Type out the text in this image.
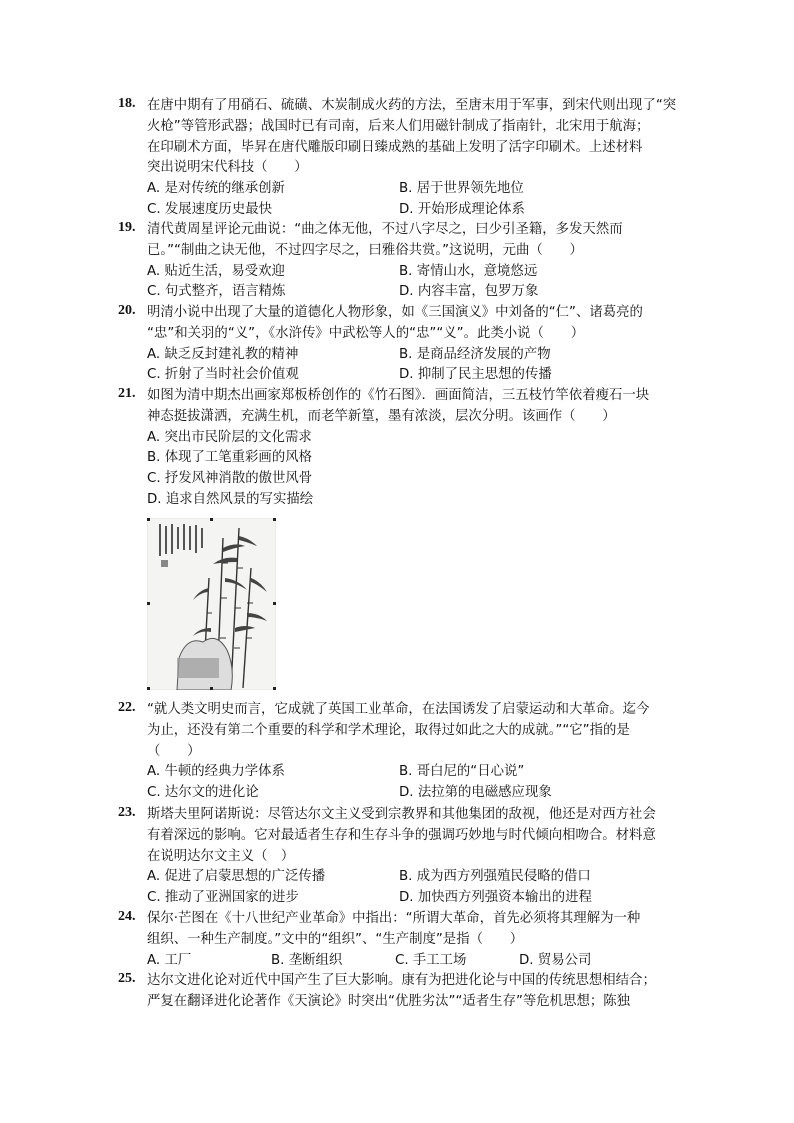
18. 在唐中期有了用硝石、硫磺、木炭制成火药的方法，至唐末用于军事，到宋代则出现了“突
火枪”等管形武器；战国时已有司南，后来人们用磁针制成了指南针，北宋用于航海；
在印刷术方面，毕昇在唐代雕版印刷日臻成熟的基础上发明了活字印刷术。上述材料
突出说明宋代科技（　　）
A. 是对传统的继承创新	B. 居于世界领先地位
C. 发展速度历史最快	D. 开始形成理论体系
19. 清代黄周星评论元曲说：“曲之体无他，不过八字尽之，曰少引圣籍，多发天然而
已。”“制曲之诀无他，不过四字尽之，曰雅俗共赏。”这说明，元曲（　　）
A. 贴近生活，易受欢迎	B. 寄情山水，意境悠远
C. 句式整齐，语言精炼	D. 内容丰富，包罗万象
20. 明清小说中出现了大量的道德化人物形象，如《三国演义》中刘备的“仁”、诸葛亮的
“忠”和关羽的“义”，《水浒传》中武松等人的“忠”“义”。此类小说（　　）
A. 缺乏反封建礼教的精神	B. 是商品经济发展的产物
C. 折射了当时社会价值观	D. 抑制了民主思想的传播
21. 如图为清中期杰出画家郑板桥创作的《竹石图》．画面简洁，三五枝竹竿依着瘦石一块
神态挺拔潇洒，充满生机，而老竿新篁，墨有浓淡，层次分明。该画作（　　）
A. 突出市民阶层的文化需求
B. 体现了工笔重彩画的风格
C. 抒发风神消散的傲世风骨
D. 追求自然风景的写实描绘
22. “就人类文明史而言，它成就了英国工业革命，在法国诱发了启蒙运动和大革命。迄今
为止，还没有第二个重要的科学和学术理论，取得过如此之大的成就。”“它”指的是
（　　）
A. 牛顿的经典力学体系	B. 哥白尼的“日心说”
C. 达尔文的进化论	D. 法拉第的电磁感应现象
23. 斯塔夫里阿诺斯说：尽管达尔文主义受到宗教界和其他集团的敌视，他还是对西方社会
有着深远的影响。它对最适者生存和生存斗争的强调巧妙地与时代倾向相吻合。材料意
在说明达尔文主义（　）
A. 促进了启蒙思想的广泛传播	B. 成为西方列强殖民侵略的借口
C. 推动了亚洲国家的进步	D. 加快西方列强资本输出的进程
24. 保尔·芒图在《十八世纪产业革命》中指出：“所谓大革命，首先必须将其理解为一种
组织、一种生产制度。”文中的“组织”、“生产制度”是指（　　）
A. 工厂	B. 垄断组织	C. 手工工场	D. 贸易公司
25. 达尔文进化论对近代中国产生了巨大影响。康有为把进化论与中国的传统思想相结合；
严复在翻译进化论著作《天演论》时突出“优胜劣汰”“适者生存”等危机思想；陈独
